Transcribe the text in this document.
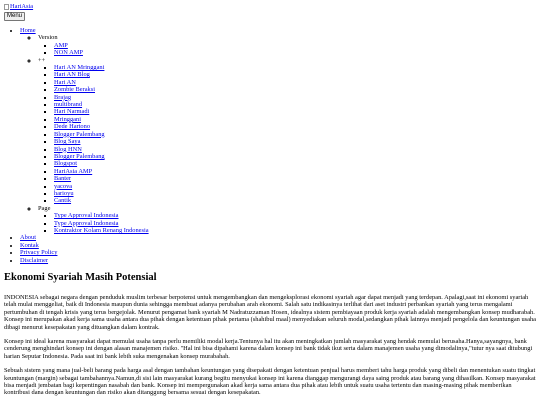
HariAsia
Menu
• Home
◦ Version
▪ AMP
▪ NON AMP
◦ ++
▪ Hari AN Mringgani
▪ Hari AN Blog
▪ Hari AN
▪ Zombie Beraksi
▪ Brajag
▪ multibrand
▪ Hari Narmadi
▪ Mringgani
▪ Dede Hartono
▪ Blogger Palembang
▪ Blog Saya
▪ Blog HNN
▪ Blogger Palembang
▪ Blogspot
▪ HariAsia AMP
▪ Banter
▪ yacova
▪ harioyu
▪ Cantik
◦ Page
▪ Type Approval Indonesia
▪ Type Approval Indonesia
▪ Kontraktor Kolam Renang Indonesia
• About
• Kontak
• Privacy Policy
• Disclaimer
Ekonomi Syariah Masih Potensial

INDONESIA sebagai negara dengan penduduk muslim terbesar berpotensi untuk mengembangkan dan mengeksplorasi ekonomi syariah agar dapat menjadi yang terdepan. Apalagi,saat ini ekonomi syariah telah mulai menggeliat, baik di Indonesia maupun dunia sehingga membuat adanya perubahan arah ekonomi. Salah satu indikasinya terlihat dari aset industri perbankan syariah yang terus mengalami pertumbuhan di tengah krisis yang terus bergejolak. Menurut pengamat bank syariah M Nadratuzzaman Hosen, idealnya sistem pembiayaan produk kerja syariah adalah mengembangkan konsep mudharabah. Konsep ini merupakan akad kerja sama usaha antara dua pihak dengan ketentuan pihak pertama (shahibul maal) menyediakan seluruh modal,sedangkan pihak lainnya menjadi pengelola dan keuntungan usaha dibagi menurut kesepakatan yang dituangkan dalam kontrak.

Konsep ini ideal karena masyarakat dapat memulai usaha tanpa perlu memiliki modal kerja.Tentunya hal itu akan meningkatkan jumlah masyarakat yang hendak memulai berusaha.Hanya,sayangnya, bank cenderung menghindari konsep ini dengan alasan manajemen risiko. "Hal ini bisa dipahami karena dalam konsep ini bank tidak ikut serta dalam manajemen usaha yang dimodalinya,"tutur nya saat ditubungi harian Seputar Indonesia. Pada saat ini bank lebih suka mengenakan konsep murabahah.

Sebuah sistem yang mana jual-beli barang pada harga asal dengan tambahan keuntungan yang disepakati dengan ketentuan penjual harus memberi tahu harga produk yang dibeli dan menentukan suatu tingkat keuntungan (margin) sebagai tambahannya.Namun,di sisi lain masyarakat kurang begitu menyukai konsep ini karena dianggap mengurangi daya saing produk atau barang yang dihasilkan. Konsep masyarakat bisa menjadi jembatan bagi kepentingan nasabah dan bank. Konsep ini mempergunakan akad kerja sama antara dua pihak atau lebih untuk suatu usaha tertentu dan masing-masing pihak memberikan kontribusi dana dengan keuntungan dan risiko akan ditanggung bersama sesuai dengan kesepakatan.
